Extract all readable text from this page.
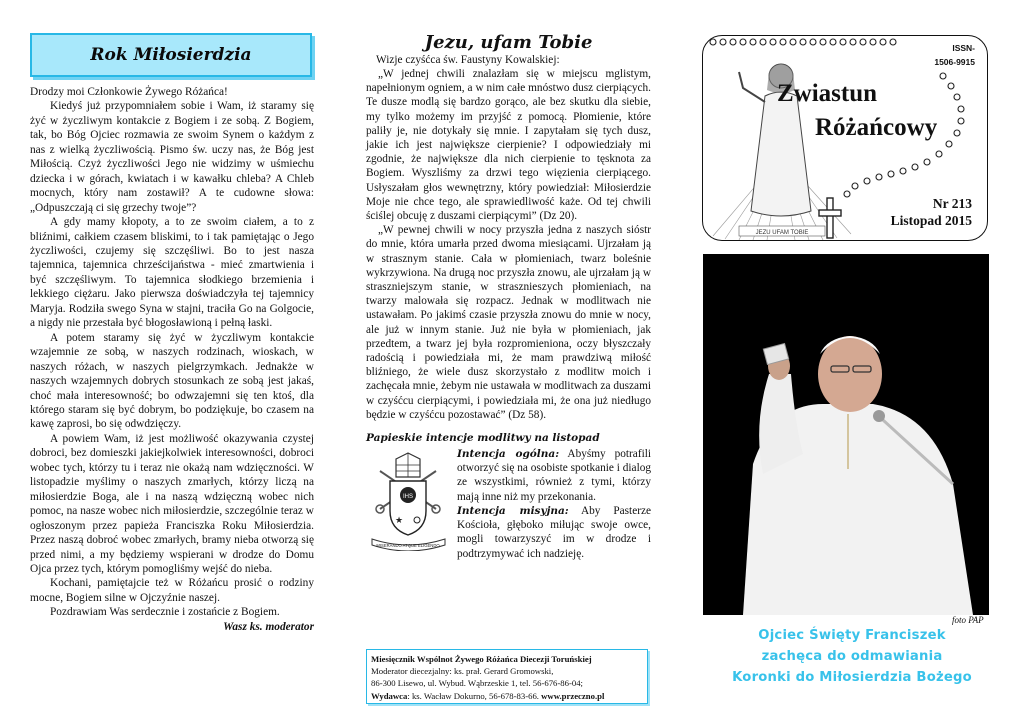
Rok Miłosierdzia

Drodzy moi Członkowie Żywego Różańca!

Kiedyś już przypomniałem sobie i Wam, iż staramy się żyć w życzliwym kontakcie z Bogiem i ze sobą. Z Bogiem, tak, bo Bóg Ojciec rozmawia ze swoim Synem o każdym z nas z wielką życzliwością. Pismo św. uczy nas, że Bóg jest Miłością. Czyż życzliwości Jego nie widzimy w uśmiechu dziecka i w górach, kwiatach i w kawałku chleba? A Chleb mocnych, który nam zostawił? A te cudowne słowa: „Odpuszczają ci się grzechy twoje”?

A gdy mamy kłopoty, a to ze swoim ciałem, a to z bliźnimi, całkiem czasem bliskimi, to i tak pamiętając o Jego życzliwości, czujemy się szczęśliwi. Bo to jest nasza tajemnica, tajemnica chrześcijaństwa - mieć zmartwienia i być szczęśliwym. To tajemnica słodkiego brzemienia i lekkiego ciężaru. Jako pierwsza doświadczyła tej tajemnicy Maryja. Rodziła swego Syna w stajni, traciła Go na Golgocie, a nigdy nie przestała być błogosławioną i pełną łaski.

A potem staramy się żyć w życzliwym kontakcie wzajemnie ze sobą, w naszych rodzinach, wioskach, w naszych różach, w naszych pielgrzymkach. Jednakże w naszych wzajemnych dobrych stosunkach ze sobą jest jakaś, choć mała interesowność; bo odwzajemni się ten ktoś, dla którego staram się być dobrym, bo podziękuje, bo czasem na kawę zaprosi, bo się odwdzięczy.

A powiem Wam, iż jest możliwość okazywania czystej dobroci, bez domieszki jakiejkolwiek interesowności, dobroci wobec tych, którzy tu i teraz nie okażą nam wdzięczności. W listopadzie myślimy o naszych zmarłych, którzy liczą na miłosierdzie Boga, ale i na naszą wdzięczną wobec nich pomoc, na nasze wobec nich miłosierdzie, szczególnie teraz w ogłoszonym przez papieża Franciszka Roku Miłosierdzia. Przez naszą dobroć wobec zmarłych, bramy nieba otworzą się przed nimi, a my będziemy wspierani w drodze do Domu Ojca przez tych, którym pomogliśmy wejść do nieba.

Kochani, pamiętajcie też w Różańcu prosić o rodziny mocne, Bogiem silne w Ojczyźnie naszej.

Pozdrawiam Was serdecznie i zostańcie z Bogiem.

Wasz ks. moderator

Jezu, ufam Tobie
Wizje czyśćca św. Faustyny Kowalskiej:

„W jednej chwili znalazłam się w miejscu mglistym, napełnionym ogniem, a w nim całe mnóstwo dusz cierpiących. Te dusze modlą się bardzo gorąco, ale bez skutku dla siebie, my tylko możemy im przyjść z pomocą. Płomienie, które paliły je, nie dotykały się mnie. I zapytałam się tych dusz, jakie ich jest największe cierpienie? I odpowiedziały mi zgodnie, że największe dla nich cierpienie to tęsknota za Bogiem. Wyszliśmy za drzwi tego więzienia cierpiącego. Usłyszałam głos wewnętrzny, który powiedział: Miłosierdzie Moje nie chce tego, ale sprawiedliwość każe. Od tej chwili ściślej obcuję z duszami cierpiącymi” (Dz 20).

„W pewnej chwili w nocy przyszła jedna z naszych sióstr do mnie, która umarła przed dwoma miesiącami. Ujrzałam ją w strasznym stanie. Cała w płomieniach, twarz boleśnie wykrzywiona. Na drugą noc przyszła znowu, ale ujrzałam ją w straszniejszym stanie, w strasznieszych płomieniach, na twarzy malowała się rozpacz. Jednak w modlitwach nie ustawałam. Po jakimś czasie przyszła znowu do mnie w nocy, ale już w innym stanie. Już nie była w płomieniach, jak przedtem, a twarz jej była rozpromieniona, oczy błyszczały radością i powiedziała mi, że mam prawdziwą miłość bliźniego, że wiele dusz skorzystało z modlitw moich i zachęcała mnie, żebym nie ustawała w modlitwach za duszami w czyśćcu cierpiącymi, i powiedziała mi, że ona już niedługo będzie w czyśćcu pozostawać” (Dz 58).

Papieskie intencje modlitwy na listopad
IHS
★
MISERANDO ATQUE ELIGENDO
Intencja ogólna: Abyśmy potrafili otworzyć się na osobiste spotkanie i dialog ze wszystkimi, również z tymi, którzy mają inne niż my przekonania.
Intencja misyjna: Aby Pasterze Kościoła, głęboko miłując swoje owce, mogli towarzyszyć im w drodze i podtrzymywać ich nadzieję.
Miesięcznik Wspólnot Żywego Różańca Diecezji Toruńskiej
Moderator diecezjalny: ks. prał. Gerard Gromowski,
86-300 Lisewo, ul. Wybud. Wąbrzeskie 1, tel. 56-676-86-04;
Wydawca: ks. Wacław Dokurno, 56-678-83-66. www.przeczno.pl
JEZU UFAM TOBIE
ISSN-
1506-9915
Zwiastun
Różańcowy
Nr 213
Listopad 2015
foto PAP
Ojciec Święty Franciszek
zachęca do odmawiania
Koronki do Miłosierdzia Bożego
